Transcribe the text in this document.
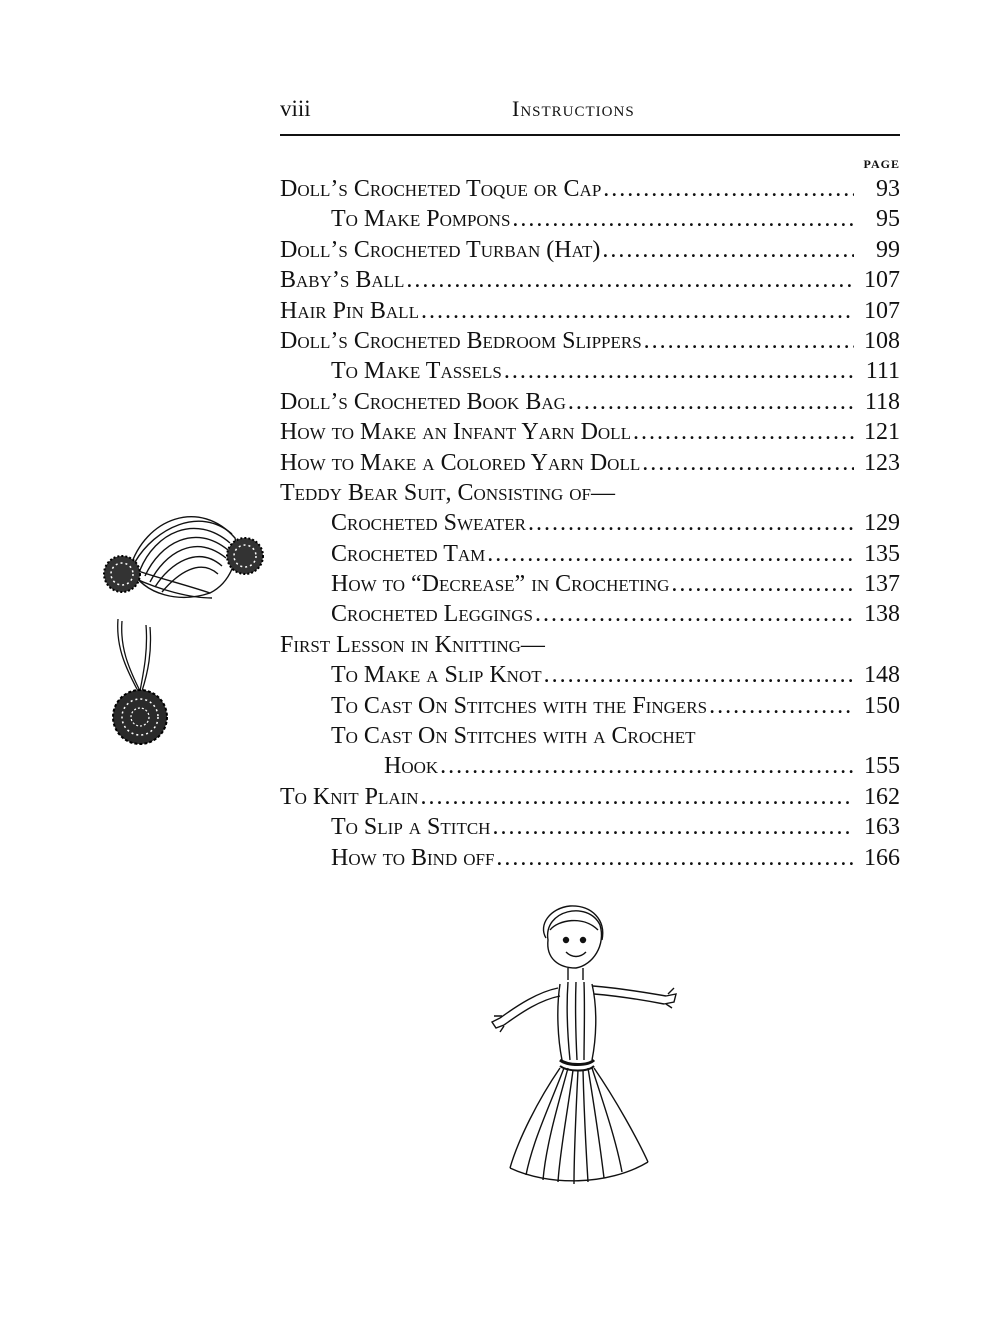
viii	Instructions
PAGE
Doll’s Crocheted Toque or Cap . . .	93
To Make Pompons . . .	95
Doll’s Crocheted Turban (Hat) . . .	99
Baby’s Ball . . .	107
Hair Pin Ball . . .	107
Doll’s Crocheted Bedroom Slippers . . .	108
To Make Tassels . . .	111
Doll’s Crocheted Book Bag . . .	118
How to Make an Infant Yarn Doll . . .	121
How to Make a Colored Yarn Doll . . .	123
Teddy Bear Suit, Consisting of—
Crocheted Sweater . . .	129
Crocheted Tam . . .	135
How to “Decrease” in Crocheting . . .	137
Crocheted Leggings . . .	138
First Lesson in Knitting—
To Make a Slip Knot . . .	148
To Cast On Stitches with the Fingers . . .	150
To Cast On Stitches with a Crochet
Hook . . .	155
To Knit Plain . . .	162
To Slip a Stitch . . .	163
How to Bind off . . .	166
